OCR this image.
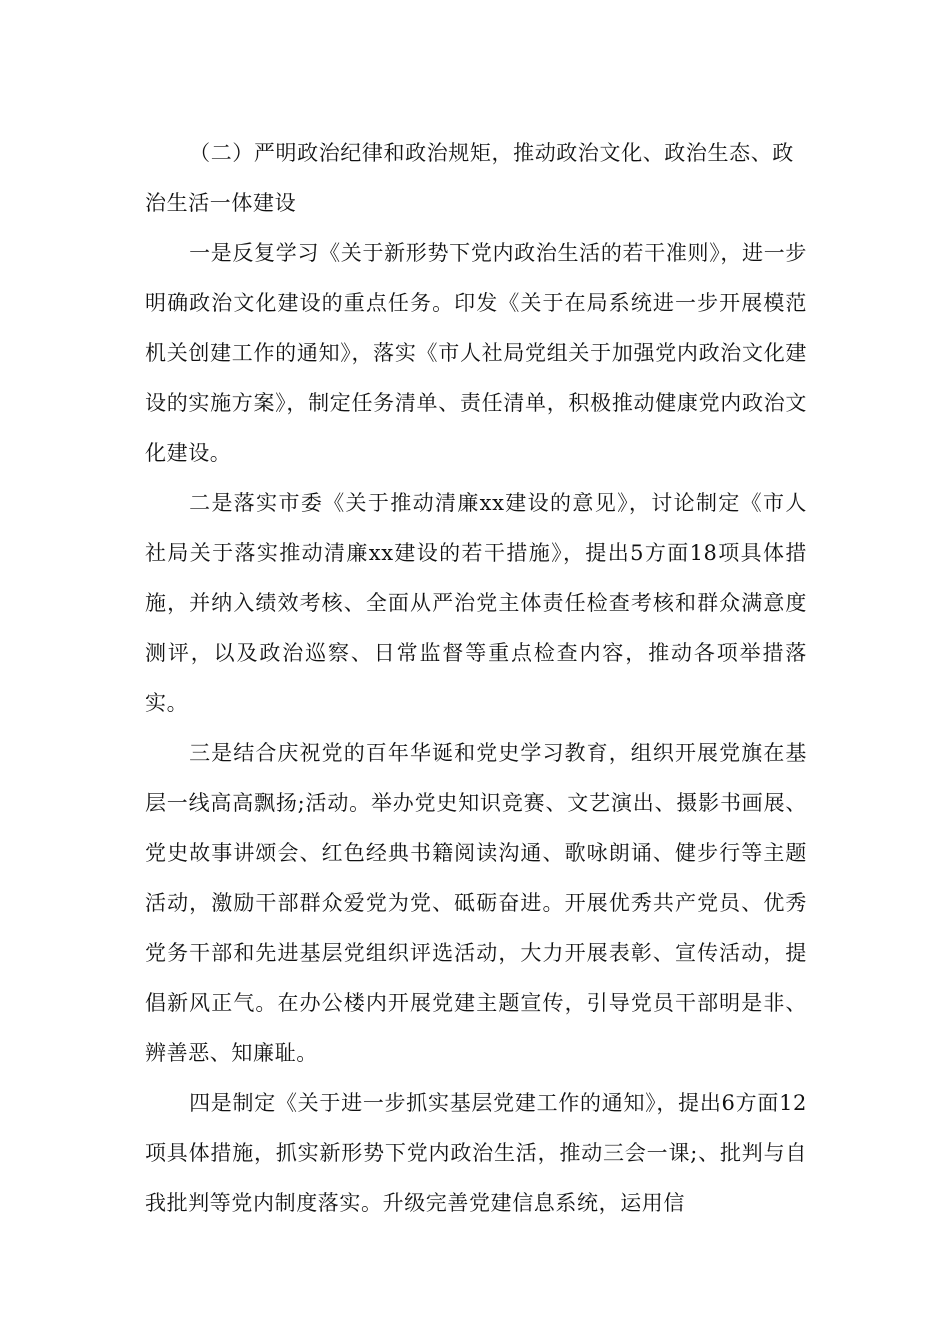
（二）严明政治纪律和政治规矩，推动政治文化、政治生态、政治生活一体建设

一是反复学习《关于新形势下党内政治生活的若干准则》，进一步明确政治文化建设的重点任务。印发《关于在局系统进一步开展模范机关创建工作的通知》，落实《市人社局党组关于加强党内政治文化建设的实施方案》，制定任务清单、责任清单，积极推动健康党内政治文化建设。

二是落实市委《关于推动清廉xx建设的意见》，讨论制定《市人社局关于落实推动清廉xx建设的若干措施》，提出5方面18项具体措施，并纳入绩效考核、全面从严治党主体责任检查考核和群众满意度测评，以及政治巡察、日常监督等重点检查内容，推动各项举措落实。

三是结合庆祝党的百年华诞和党史学习教育，组织开展党旗在基层一线高高飘扬;活动。举办党史知识竞赛、文艺演出、摄影书画展、党史故事讲颂会、红色经典书籍阅读沟通、歌咏朗诵、健步行等主题活动，激励干部群众爱党为党、砥砺奋进。开展优秀共产党员、优秀党务干部和先进基层党组织评选活动，大力开展表彰、宣传活动，提倡新风正气。在办公楼内开展党建主题宣传，引导党员干部明是非、辨善恶、知廉耻。

四是制定《关于进一步抓实基层党建工作的通知》，提出6方面12项具体措施，抓实新形势下党内政治生活，推动三会一课;、批判与自我批判等党内制度落实。升级完善党建信息系统，运用信
